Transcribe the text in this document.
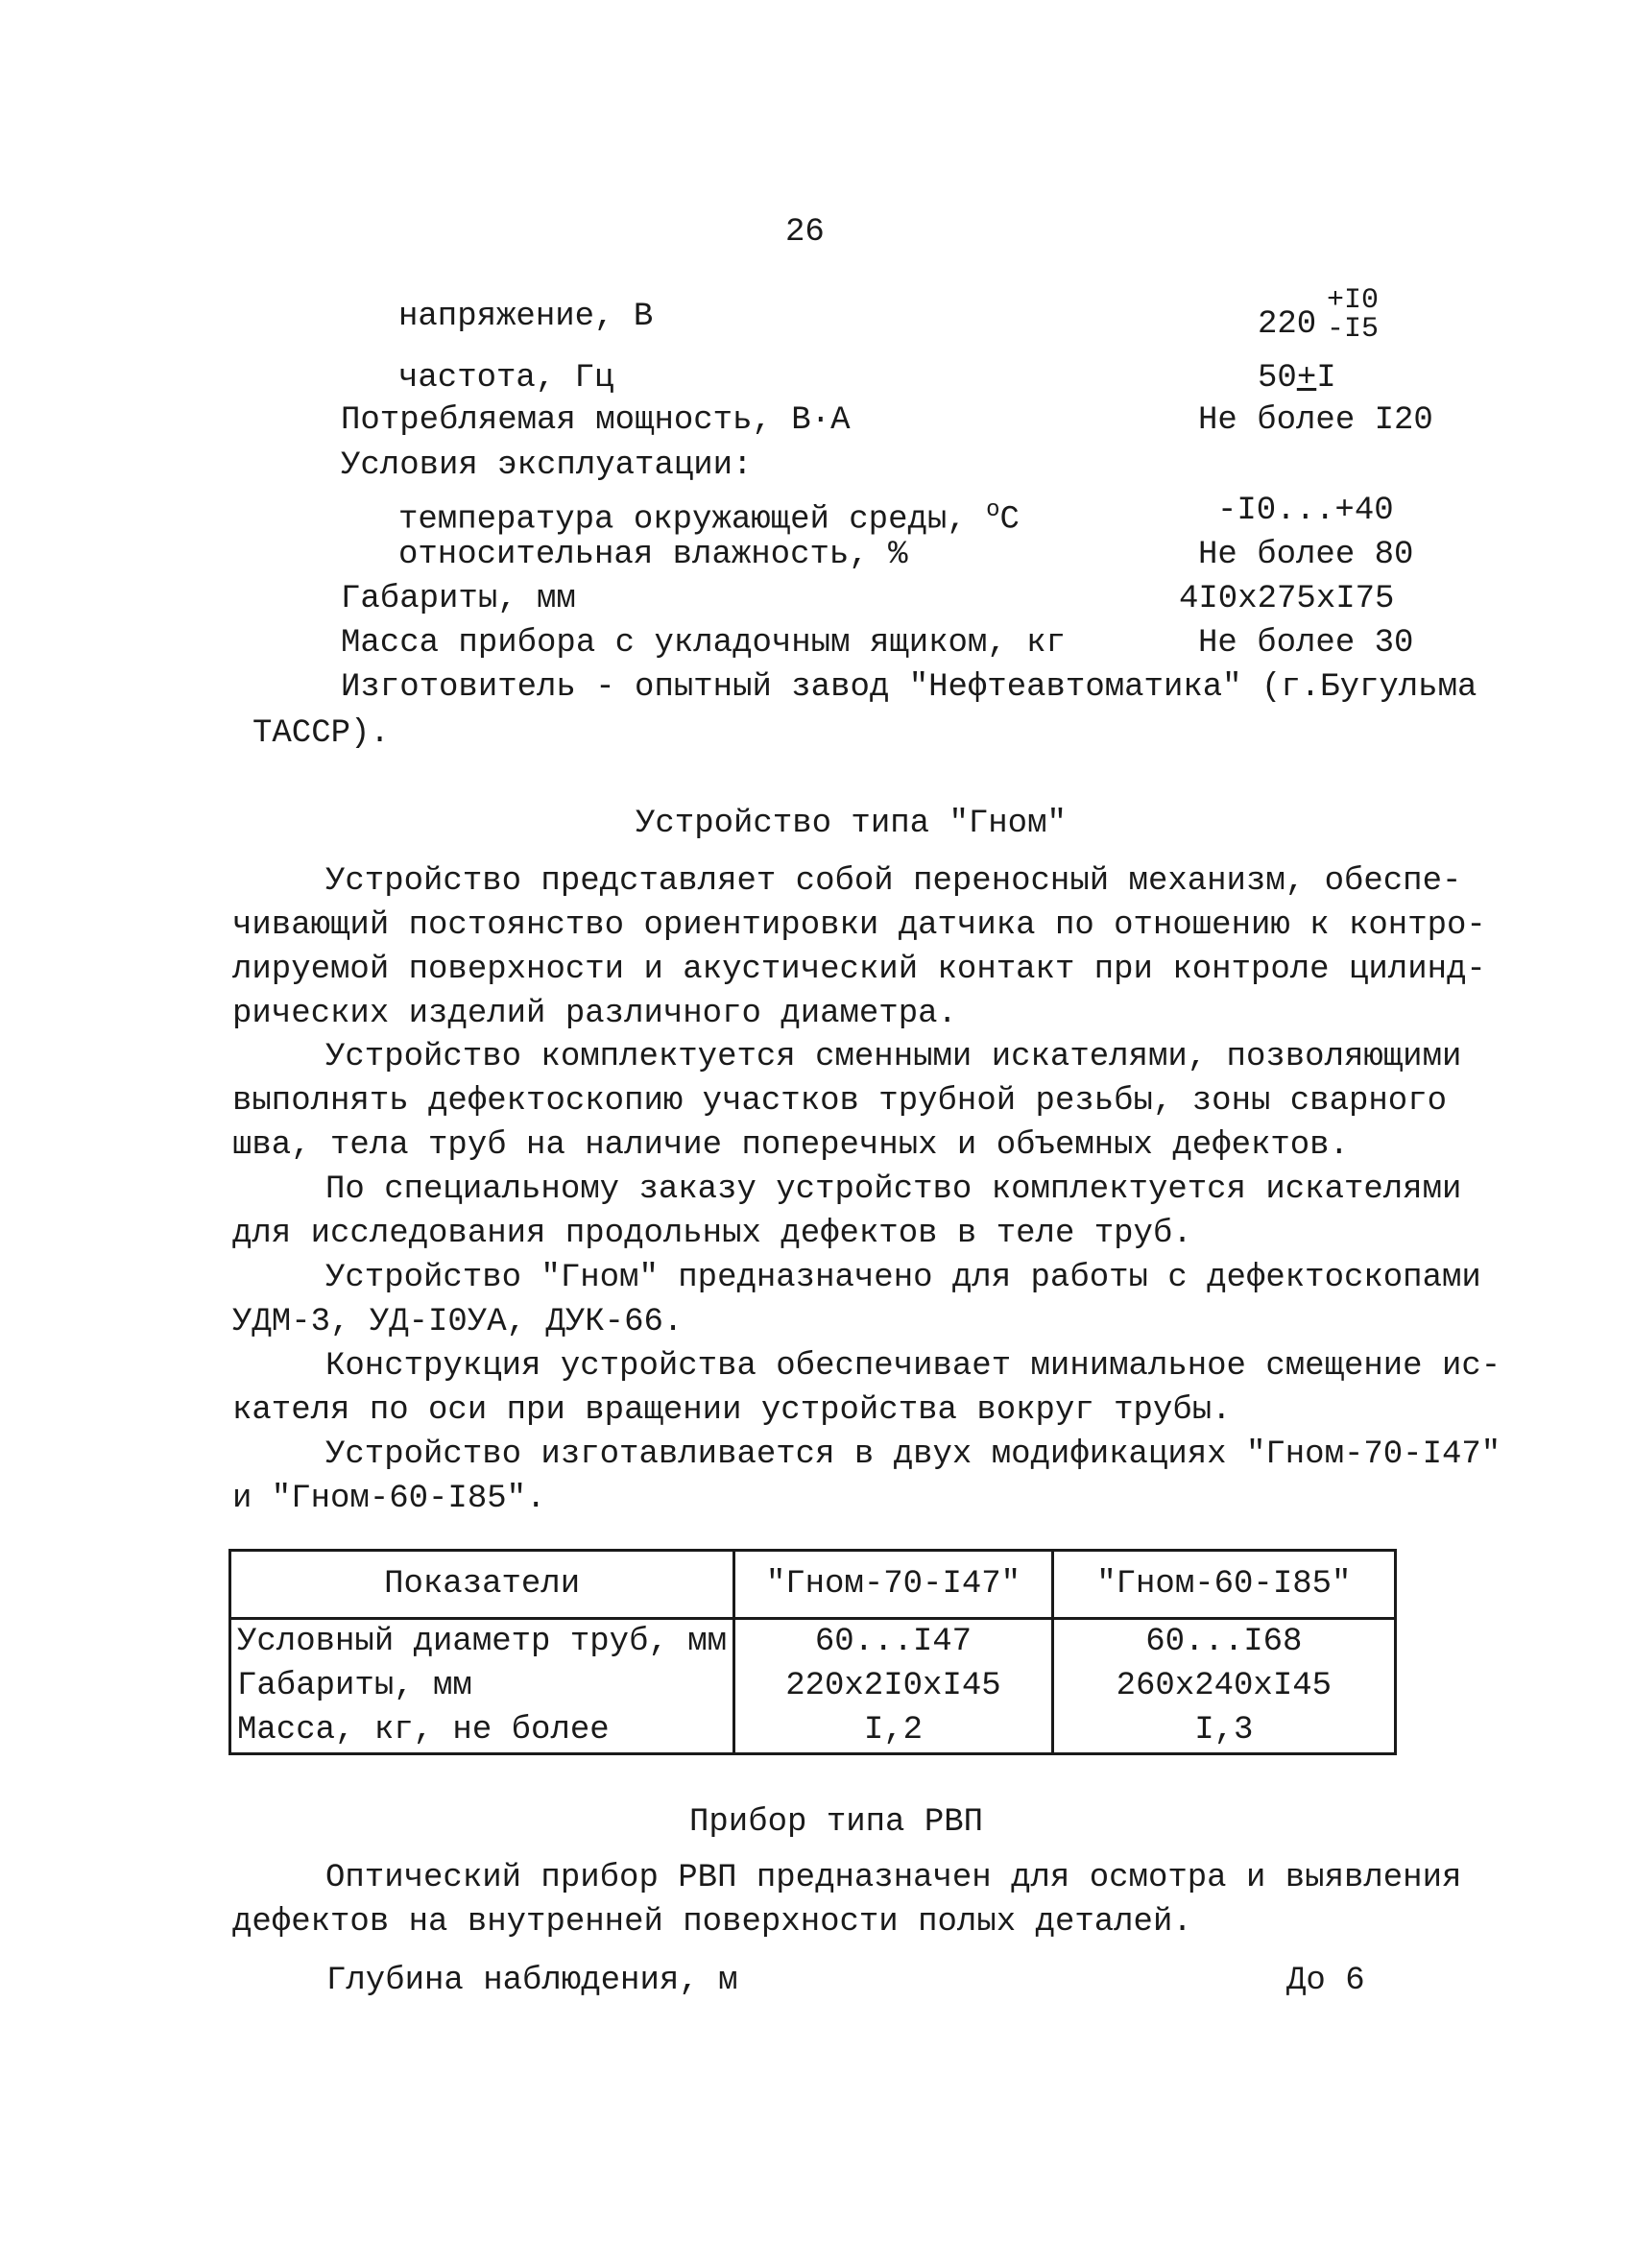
26
напряжение, В	220
+I0
-I5
частота, Гц	50+I
Потребляемая мощность, В·А	Не более I20
Условия эксплуатации:
температура окружающей среды, $^o$C	-I0...+40
относительная влажность, %	Не более 80
Габариты, мм	4I0х275хI75
Масса прибора с укладочным ящиком, кг	Не более 30
Изготовитель - опытный завод "Нефтеавтоматика" (г.Бугульма
ТАССР).
Устройство типа "Гном"
Устройство представляет собой переносный механизм, обеспе-
чивающий постоянство ориентировки датчика по отношению к контро-
лируемой поверхности и акустический контакт при контроле цилинд-
рических изделий различного диаметра.
Устройство комплектуется сменными искателями, позволяющими
выполнять дефектоскопию участков трубной резьбы, зоны сварного
шва, тела труб на наличие поперечных и объемных дефектов.
По специальному заказу устройство комплектуется искателями
для исследования продольных дефектов в теле труб.
Устройство "Гном" предназначено для работы с дефектоскопами
УДМ-3, УД-I0УА, ДУК-66.
Конструкция устройства обеспечивает минимальное смещение ис-
кателя по оси при вращении устройства вокруг трубы.
Устройство изготавливается в двух модификациях "Гном-70-I47"
и "Гном-60-I85".
Показатели	"Гном-70-I47"	"Гном-60-I85"
Условный диаметр труб, мм	60...I47	60...I68
Габариты, мм	220х2I0хI45	260х240хI45
Масса, кг, не более	I,2	I,3
Прибор типа РВП
Оптический прибор РВП предназначен для осмотра и выявления
дефектов на внутренней поверхности полых деталей.
Глубина наблюдения, м	До 6
